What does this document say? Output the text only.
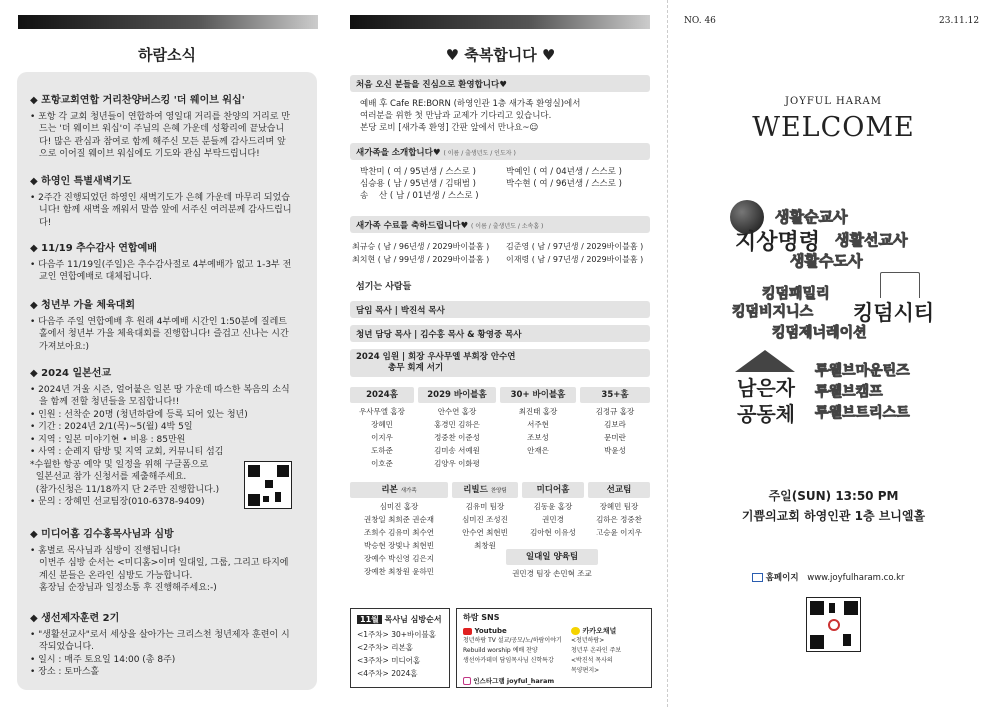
하람소식
◆ 포항교회연합 거리찬양버스킹 '더 웨이브 워십'
• 포항 각 교회 청년들이 연합하여 영일대 거리를 찬양의 거리로 만드는 '더 웨이브 워십'이 주님의 은혜 가운데 성황리에 끝났습니다! 많은 관심과 참여로 함께 해주신 모든 분들께 감사드리며 앞으로 이어질 웨이브 워십에도 기도와 관심 부탁드립니다!
◆ 하영인 특별새벽기도
• 2주간 진행되었던 하영인 새벽기도가 은혜 가운데 마무리 되었습니다! 함께 새벽을 깨워서 말씀 앞에 서주신 여러분께 감사드립니다!
◆ 11/19 추수감사 연합예배
• 다음주 11/19일(주일)은 추수감사절로 4부예배가 없고 1-3부 전교인 연합예배로 대체됩니다.
◆ 청년부 가을 체육대회
• 다음주 주일 연합예배 후 원래 4부예배 시간인 1:50분에 질레트홀에서 청년부 가을 체육대회를 진행합니다! 즐겁고 신나는 시간 가져보아요:)
◆ 2024 일본선교
• 2024년 겨울 시즌, 얼어붙은 일본 땅 가운데 따스한 복음의 소식을 함께 전할 청년들을 모집합니다!!
• 인원 : 선착순 20명 (청년하람에 등록 되어 있는 청년)
• 기간 : 2024년 2/1(목)~5(월) 4박 5일
• 지역 : 일본 미야기현 • 비용 : 85만원
• 사역 : 순례지 탐방 및 지역 교회, 커뮤니티 섬김
*수월한 항공 예약 및 일정을 위해 구글폼으로
일본선교 참가 신청서를 제출해주세요.
(참가신청은 11/18까지 단 2주만 진행합니다.)
• 문의 : 장혜민 선교팀장(010-6378-9409)
◆ 미디어홈 김수홍목사님과 심방
• 홈별로 목사님과 심방이 진행됩니다!
이번주 심방 순서는 <미디홈>이며 일대일, 그룹, 그리고 타지에 계신 분들은 온라인 심방도 가능합니다.
홈장님 순장님과 일정소통 후 진행해주세요:-)
◆ 생선제자훈련 2기
• "생활선교사"로서 세상을 살아가는 크리스천 청년제자 훈련이 시작되었습니다.
• 일시 : 매주 토요일 14:00 (총 8주)
• 장소 : 토마스홀
♥ 축복합니다 ♥
처음 오신 분들을 진심으로 환영합니다♥
예배 후 Cafe RE:BORN (하영인관 1층 새가족 환영실)에서
여러분을 위한 첫 만남과 교제가 기다리고 있습니다.
본당 로비 [새가족 환영] 간판 앞에서 만나요~☺
새가족을 소개합니다♥ ( 이름 / 출생년도 / 인도자 )
박찬미 ( 여 / 95년생 / 스스로 )
심승용 ( 남 / 95년생 / 김태범 )
송    산 ( 남 / 01년생 / 스스로 )
박예인 ( 여 / 04년생 / 스스로 )
박수현 ( 여 / 96년생 / 스스로 )
새가족 수료를 축하드립니다♥ ( 이름 / 출생년도 / 소속홈 )
최규승 ( 남 / 96년생 / 2029바이블홈 )
최치현 ( 남 / 99년생 / 2029바이블홈 )
김준영 ( 남 / 97년생 / 2029바이블홈 )
이재령 ( 남 / 97년생 / 2029바이블홈 )
섬기는 사람들
담임 목사 | 박진석 목사
청년 담당 목사 | 김수홍 목사 & 황영중 목사
2024 임원 | 회장 우사무엘 부회장 안수연
총무 회계 서기
2024홈
우사무엘 홈장
장혜민
이지우
도하준
이호준
2029 바이블홈
안수연 홈장
홍경민 김하은
정중찬 이준성
김미송 서예원
김양우 이화평
30+ 바이블홈
최진태 홈장
서주현
조보성
안재은
35+홈
김정규 홈장
김보라
문미란
박윤성
리본 새가족
심미진 홈장
권창일 최희준 권순재
조희수 김유미 최수연
박승현 장빛나 최현빈
장예수 박신영 김은지
장예찬 최창원 윤하민
리빌드 찬양팀
김유미 팀장
심미진 조성진
안수연 최현빈
최창원
미디어홈
김동윤 홈장
권민경
김아현 이유성
선교팀
장혜민 팀장
김하은 정중찬
고승윤 이지우
일대일 양육팀
권민경 팀장 손민혁 조교
11월 목사님 심방순서
<1주차> 30+바이블홈
<2주차> 리본홈
<3주차> 미디어홈
<4주차> 2024홈
하람 SNS
Youtube
청년하람 TV 설교/공모/노/하람이야기
Rebuild worship 예배 찬양
생선아카데미 담임목사님 신학특강
카카오채널
<청년하람>
청년부 온라인 주보
<박진석 목사의
목양편지>
인스타그램 joyful_haram
NO. 46	23.11.12
JOYFUL HARAM
WELCOME
생활순교사
지상명령 생활선교사
생활수도사
킹덤패밀리
킹덤비지니스 킹덤시티
킹덤제너레이션
남은자
공동체
투웰브마운틴즈
투웰브캠프
투웰브트리스트
주일(SUN) 13:50 PM
기쁨의교회 하영인관 1층 브니엘홀
홈페이지 www.joyfulharam.co.kr
